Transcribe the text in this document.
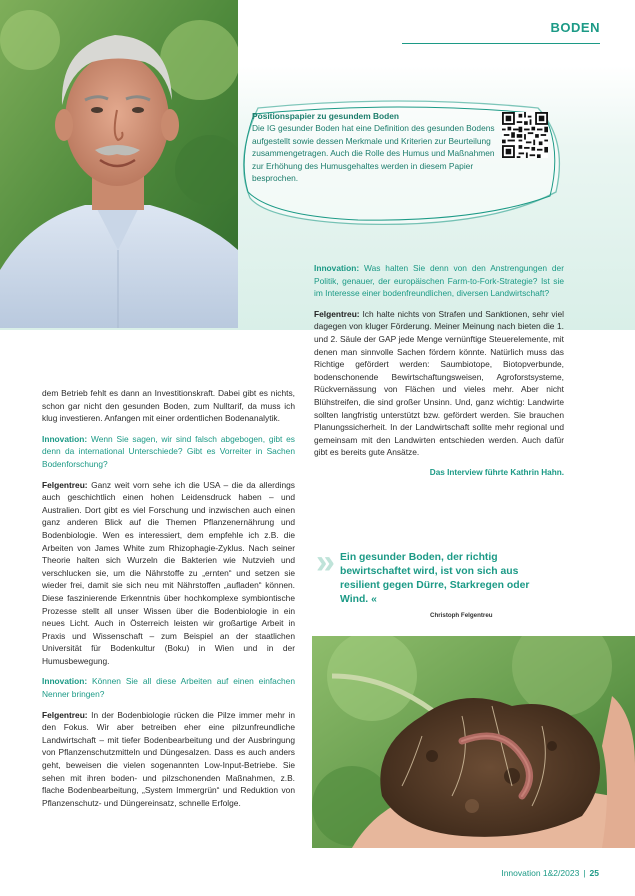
BODEN
Positionspapier zu gesundem Boden
Die IG gesunder Boden hat eine Definition des gesunden Bodens aufgestellt sowie dessen Merkmale und Kriterien zur Beurteilung zusammengetragen. Auch die Rolle des Humus und Maßnahmen zur Erhöhung des Humusgehaltes werden in diesem Papier besprochen.

Innovation: Was halten Sie denn von den Anstrengungen der Politik, genauer, der europäischen Farm-to-Fork-Strategie? Ist sie im Interesse einer bodenfreundlichen, diversen Landwirtschaft?

Felgentreu: Ich halte nichts von Strafen und Sanktionen, sehr viel dagegen von kluger Förderung. Meiner Meinung nach bieten die 1. und 2. Säule der GAP jede Menge vernünftige Steuerelemente, mit denen man sinnvolle Sachen fördern könnte. Natürlich muss das Richtige gefördert werden: Saumbiotope, Biotopverbunde, bodenschonende Bewirtschaftungsweisen, Agroforstsysteme, Rückvernässung von Flächen und vieles mehr. Aber nicht Blühstreifen, die sind großer Unsinn. Und, ganz wichtig: Landwirte sollten langfristig unterstützt bzw. gefördert werden. Sie brauchen Planungssicherheit. In der Landwirtschaft sollte mehr regional und gemeinsam mit den Landwirten entschieden werden. Auch dafür gibt es bereits gute Ansätze.

Das Interview führte Kathrin Hahn.

dem Betrieb fehlt es dann an Investitionskraft. Dabei gibt es nichts, schon gar nicht den gesunden Boden, zum Nulltarif, da muss ich klug investieren. Anfangen mit einer ordentlichen Bodenanalytik.

Innovation: Wenn Sie sagen, wir sind falsch abgebogen, gibt es denn da international Unterschiede? Gibt es Vorreiter in Sachen Bodenforschung?

Felgentreu: Ganz weit vorn sehe ich die USA – die da allerdings auch geschichtlich einen hohen Leidensdruck haben – und Australien. Dort gibt es viel Forschung und inzwischen auch einen ganz anderen Blick auf die Themen Pflanzenernährung und Bodenbiologie. Wen es interessiert, dem empfehle ich z.B. die Arbeiten von James White zum Rhizophagie-Zyklus. Nach seiner Theorie halten sich Wurzeln die Bakterien wie Nutzvieh und verschlucken sie, um die Nährstoffe zu „ernten“ und setzen sie wieder frei, damit sie sich neu mit Nährstoffen „aufladen“ können. Diese faszinierende Erkenntnis über hochkomplexe symbiontische Prozesse stellt all unser Wissen über die Bodenbiologie in ein neues Licht. Auch in Österreich leisten wir großartige Arbeit in Praxis und Wissenschaft – zum Beispiel an der staatlichen Universität für Bodenkultur (Boku) in Wien und in der Humusbewegung.

Innovation: Können Sie all diese Arbeiten auf einen einfachen Nenner bringen?

Felgentreu: In der Bodenbiologie rücken die Pilze immer mehr in den Fokus. Wir aber betreiben eher eine pilzunfreundliche Landwirtschaft – mit tiefer Bodenbearbeitung und der Ausbringung von Pflanzenschutzmitteln und Düngesalzen. Dass es auch anders geht, beweisen die vielen sogenannten Low-Input-Betriebe. Sie sehen mit ihren boden- und pilzschonenden Maßnahmen, z.B. flache Bodenbearbeitung, „System Immergrün“ und Reduktion von Pflanzenschutz- und Düngereinsatz, schnelle Erfolge.

» Ein gesunder Boden, der richtig bewirtschaftet wird, ist von sich aus resilient gegen Dürre, Starkregen oder Wind. «
Christoph Felgentreu
Innovation 1&2/2023 | 25
